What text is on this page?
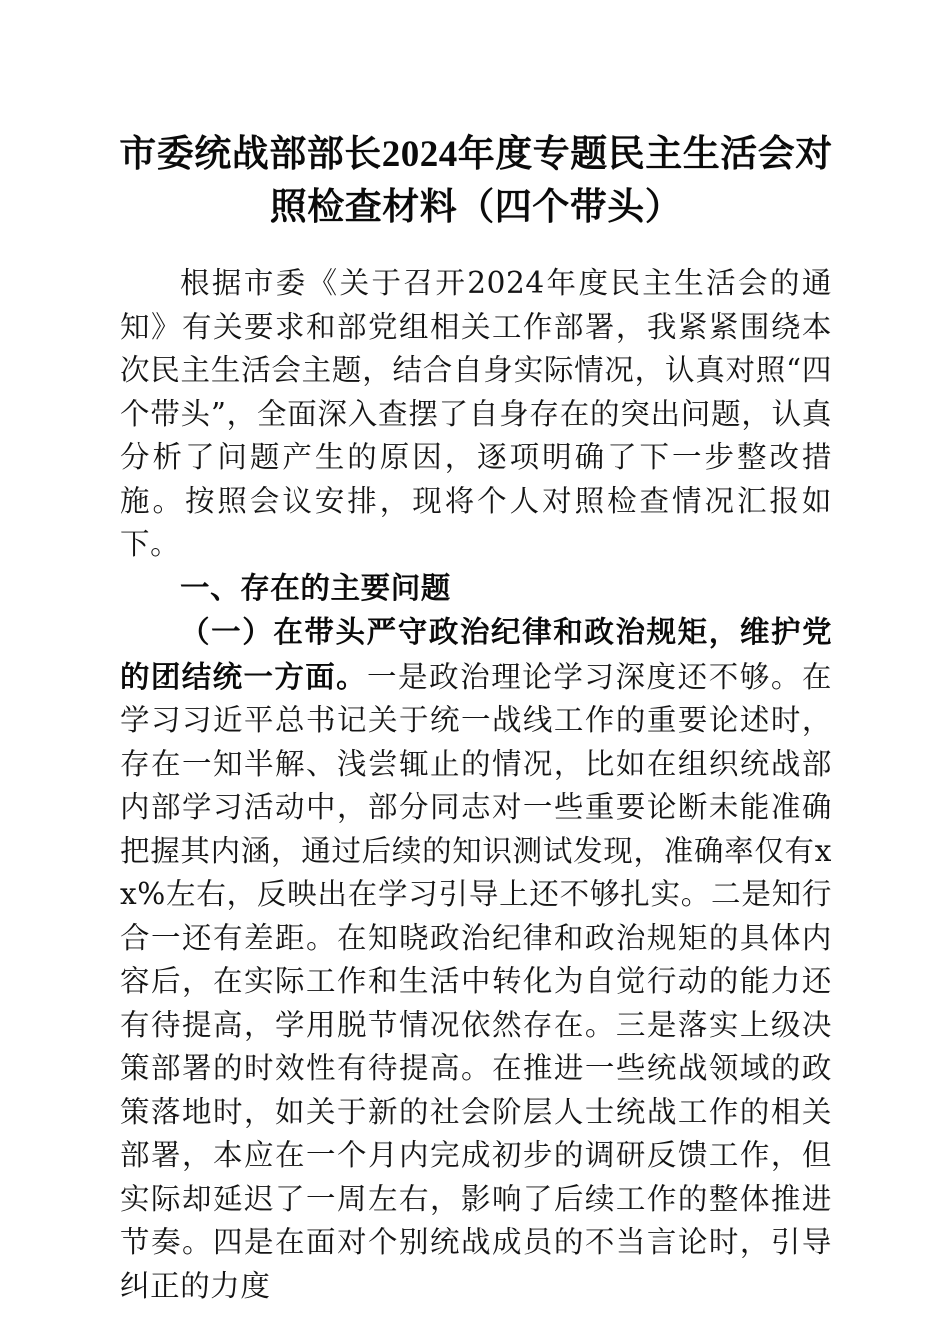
市委统战部部长2024年度专题民主生活会对
照检查材料（四个带头）

根据市委《关于召开2024年度民主生活会的通知》有关要求和部党组相关工作部署，我紧紧围绕本次民主生活会主题，结合自身实际情况，认真对照“四个带头”，全面深入查摆了自身存在的突出问题，认真分析了问题产生的原因，逐项明确了下一步整改措施。按照会议安排，现将个人对照检查情况汇报如下。

一、存在的主要问题

（一）在带头严守政治纪律和政治规矩，维护党的团结统一方面。一是政治理论学习深度还不够。在学习习近平总书记关于统一战线工作的重要论述时，存在一知半解、浅尝辄止的情况，比如在组织统战部内部学习活动中，部分同志对一些重要论断未能准确把握其内涵，通过后续的知识测试发现，准确率仅有xx%左右，反映出在学习引导上还不够扎实。二是知行合一还有差距。在知晓政治纪律和政治规矩的具体内容后，在实际工作和生活中转化为自觉行动的能力还有待提高，学用脱节情况依然存在。三是落实上级决策部署的时效性有待提高。在推进一些统战领域的政策落地时，如关于新的社会阶层人士统战工作的相关部署，本应在一个月内完成初步的调研反馈工作，但实际却延迟了一周左右，影响了后续工作的整体推进节奏。四是在面对个别统战成员的不当言论时，引导纠正的力度
